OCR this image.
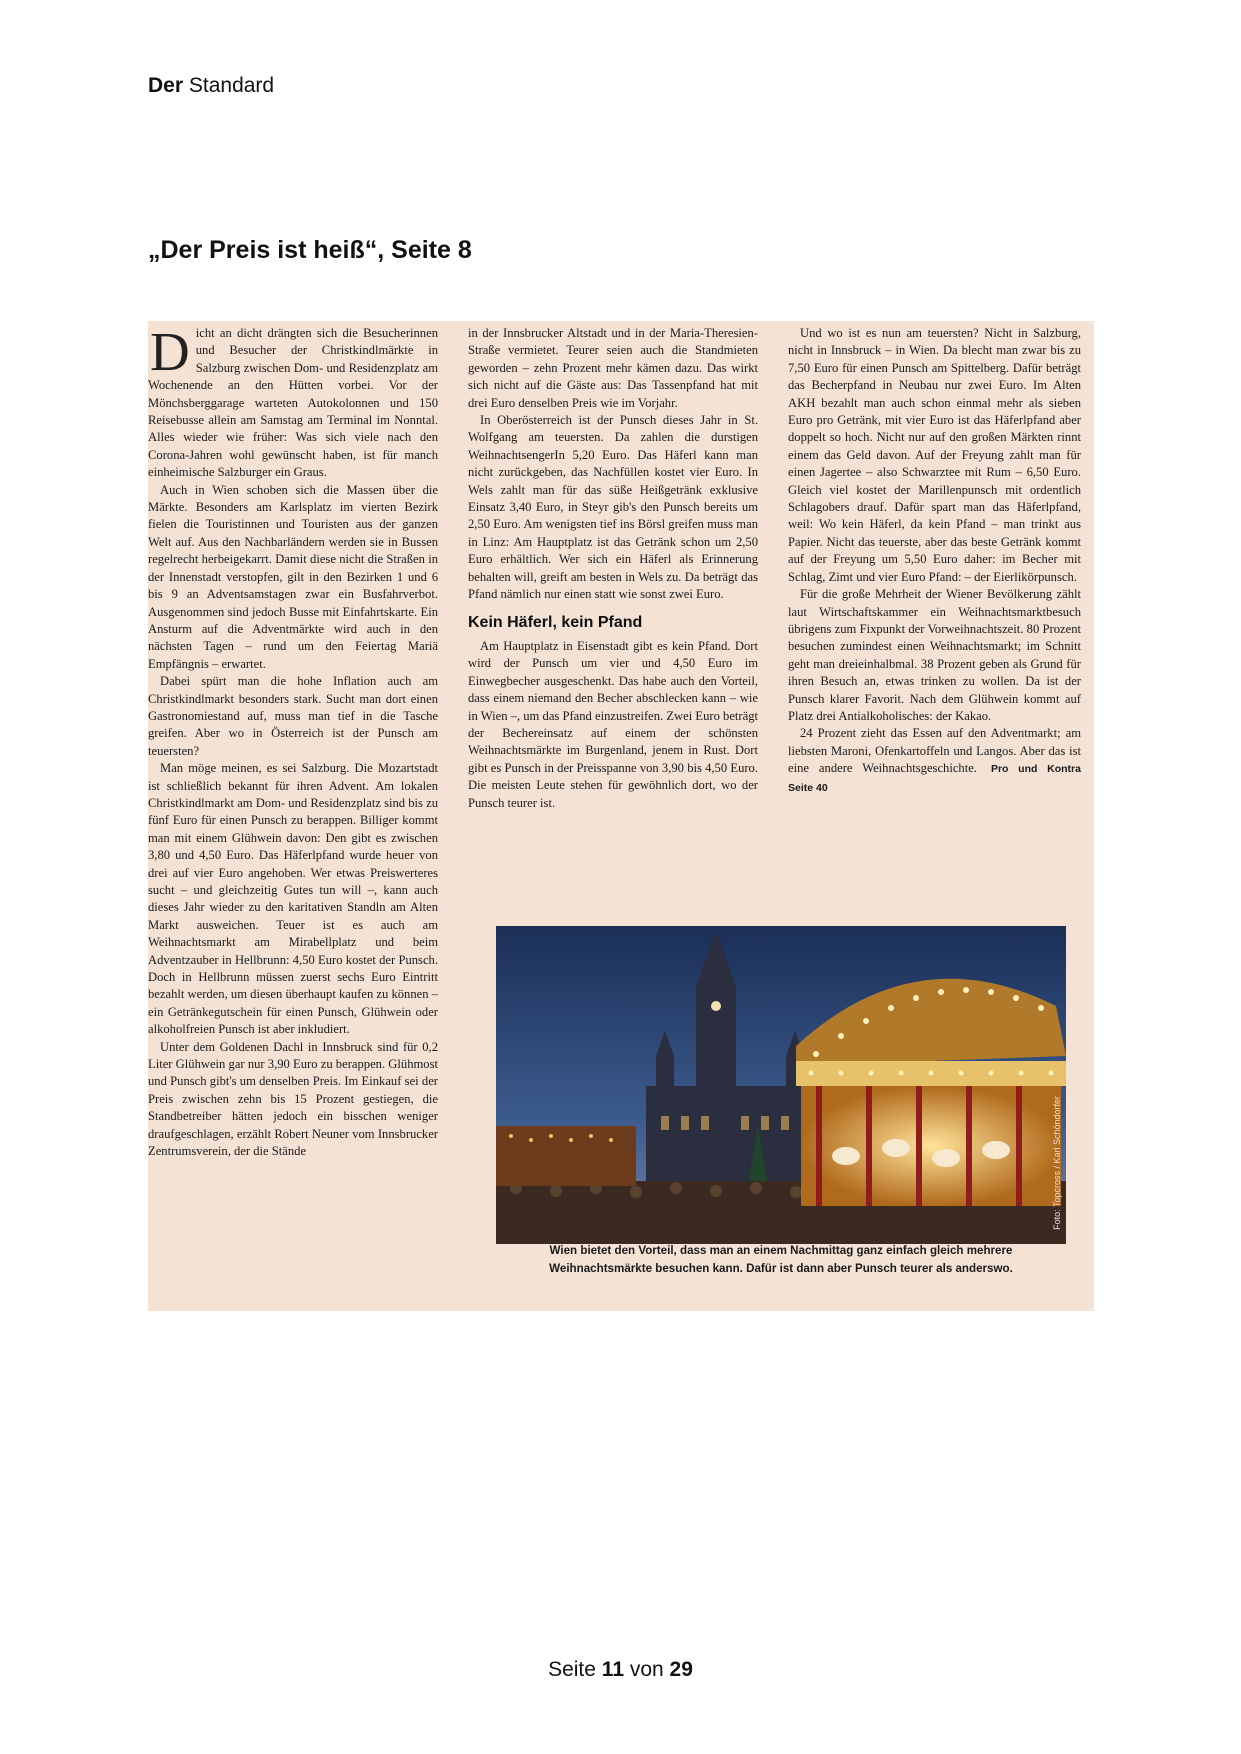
Der Standard
„Der Preis ist heiß“, Seite 8

Dicht an dicht drängten sich die Besucherinnen und Besucher der Christkindlmärkte in Salzburg zwischen Dom- und Residenzplatz am Wochenende an den Hütten vorbei. Vor der Mönchsberggarage warteten Autokolonnen und 150 Reisebusse allein am Samstag am Terminal im Nonntal. Alles wieder wie früher: Was sich viele nach den Corona-Jahren wohl gewünscht haben, ist für manch einheimische Salzburger ein Graus.

Auch in Wien schoben sich die Massen über die Märkte. Besonders am Karlsplatz im vierten Bezirk fielen die Touristinnen und Touristen aus der ganzen Welt auf. Aus den Nachbarländern werden sie in Bussen regelrecht herbeigekarrt. Damit diese nicht die Straßen in der Innenstadt verstopfen, gilt in den Bezirken 1 und 6 bis 9 an Adventsamstagen zwar ein Busfahrverbot. Ausgenommen sind jedoch Busse mit Einfahrtskarte. Ein Ansturm auf die Adventmärkte wird auch in den nächsten Tagen – rund um den Feiertag Mariä Empfängnis – erwartet.

Dabei spürt man die hohe Inflation auch am Christkindlmarkt besonders stark. Sucht man dort einen Gastronomiestand auf, muss man tief in die Tasche greifen. Aber wo in Österreich ist der Punsch am teuersten?

Man möge meinen, es sei Salzburg. Die Mozartstadt ist schließlich bekannt für ihren Advent. Am lokalen Christkindlmarkt am Dom- und Residenzplatz sind bis zu fünf Euro für einen Punsch zu berappen. Billiger kommt man mit einem Glühwein davon: Den gibt es zwischen 3,80 und 4,50 Euro. Das Häferlpfand wurde heuer von drei auf vier Euro angehoben. Wer etwas Preiswerteres sucht – und gleichzeitig Gutes tun will –, kann auch dieses Jahr wieder zu den karitativen Standln am Alten Markt ausweichen. Teuer ist es auch am Weihnachtsmarkt am Mirabellplatz und beim Adventzauber in Hellbrunn: 4,50 Euro kostet der Punsch. Doch in Hellbrunn müssen zuerst sechs Euro Eintritt bezahlt werden, um diesen überhaupt kaufen zu können – ein Getränkegutschein für einen Punsch, Glühwein oder alkoholfreien Punsch ist aber inkludiert.

Unter dem Goldenen Dachl in Innsbruck sind für 0,2 Liter Glühwein gar nur 3,90 Euro zu berappen. Glühmost und Punsch gibt's um denselben Preis. Im Einkauf sei der Preis zwischen zehn bis 15 Prozent gestiegen, die Standbetreiber hätten jedoch ein bisschen weniger draufgeschlagen, erzählt Robert Neuner vom Innsbrucker Zentrumsverein, der die Stände

in der Innsbrucker Altstadt und in der Maria-Theresien-Straße vermietet. Teurer seien auch die Standmieten geworden – zehn Prozent mehr kämen dazu. Das wirkt sich nicht auf die Gäste aus: Das Tassenpfand hat mit drei Euro denselben Preis wie im Vorjahr.

In Oberösterreich ist der Punsch dieses Jahr in St. Wolfgang am teuersten. Da zahlen die durstigen WeihnachtsengerIn 5,20 Euro. Das Häferl kann man nicht zurückgeben, das Nachfüllen kostet vier Euro. In Wels zahlt man für das süße Heißgetränk exklusive Einsatz 3,40 Euro, in Steyr gib's den Punsch bereits um 2,50 Euro. Am wenigsten tief ins Börsl greifen muss man in Linz: Am Hauptplatz ist das Getränk schon um 2,50 Euro erhältlich. Wer sich ein Häferl als Erinnerung behalten will, greift am besten in Wels zu. Da beträgt das Pfand nämlich nur einen statt wie sonst zwei Euro.

Kein Häferl, kein Pfand

Am Hauptplatz in Eisenstadt gibt es kein Pfand. Dort wird der Punsch um vier und 4,50 Euro im Einwegbecher ausgeschenkt. Das habe auch den Vorteil, dass einem niemand den Becher abschlecken kann – wie in Wien –, um das Pfand einzustreifen. Zwei Euro beträgt der Bechereinsatz auf einem der schönsten Weihnachtsmärkte im Burgenland, jenem in Rust. Dort gibt es Punsch in der Preisspanne von 3,90 bis 4,50 Euro. Die meisten Leute stehen für gewöhnlich dort, wo der Punsch teurer ist.

Und wo ist es nun am teuersten? Nicht in Salzburg, nicht in Innsbruck – in Wien. Da blecht man zwar bis zu 7,50 Euro für einen Punsch am Spittelberg. Dafür beträgt das Becherpfand in Neubau nur zwei Euro. Im Alten AKH bezahlt man auch schon einmal mehr als sieben Euro pro Getränk, mit vier Euro ist das Häferlpfand aber doppelt so hoch. Nicht nur auf den großen Märkten rinnt einem das Geld davon. Auf der Freyung zahlt man für einen Jagertee – also Schwarztee mit Rum – 6,50 Euro. Gleich viel kostet der Marillenpunsch mit ordentlich Schlagobers drauf. Dafür spart man das Häferlpfand, weil: Wo kein Häferl, da kein Pfand – man trinkt aus Papier. Nicht das teuerste, aber das beste Getränk kommt auf der Freyung um 5,50 Euro daher: im Becher mit Schlag, Zimt und vier Euro Pfand: – der Eierlikörpunsch.

Für die große Mehrheit der Wiener Bevölkerung zählt laut Wirtschaftskammer ein Weihnachtsmarktbesuch übrigens zum Fixpunkt der Vorweihnachtszeit. 80 Prozent besuchen zumindest einen Weihnachtsmarkt; im Schnitt geht man dreieinhalbmal. 38 Prozent geben als Grund für ihren Besuch an, etwas trinken zu wollen. Da ist der Punsch klarer Favorit. Nach dem Glühwein kommt auf Platz drei Antialkoholisches: der Kakao.

24 Prozent zieht das Essen auf den Adventmarkt; am liebsten Maroni, Ofenkartoffeln und Langos. Aber das ist eine andere Weihnachtsgeschichte. Pro und Kontra Seite 40

Foto: Topcross / Karl Schöndorfer
Wien bietet den Vorteil, dass man an einem Nachmittag ganz einfach gleich mehrere
Weihnachtsmärkte besuchen kann. Dafür ist dann aber Punsch teurer als anderswo.
Seite 11 von 29
